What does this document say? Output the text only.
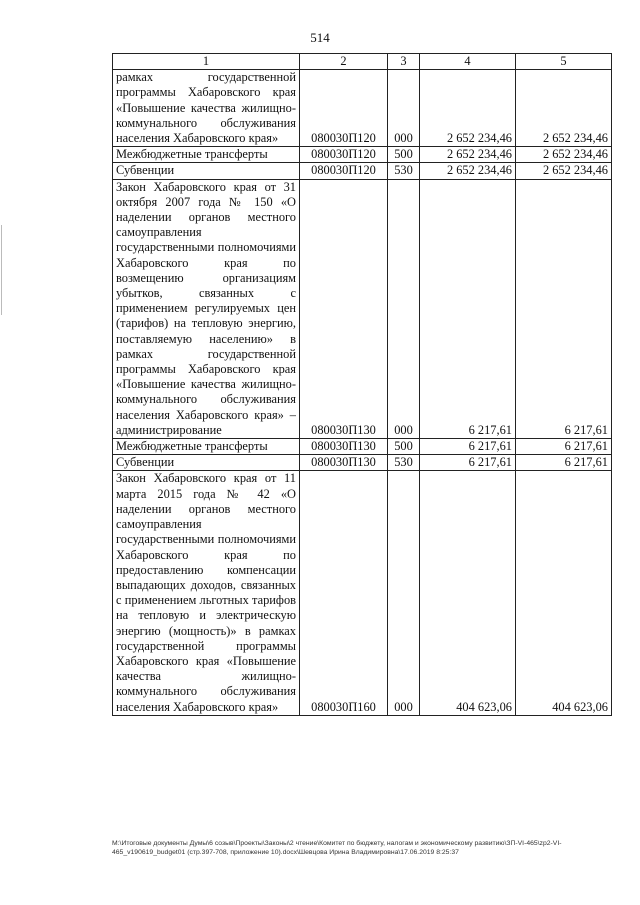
514
1	2	3	4	5
рамках государственной программы Хабаровского края «Повышение качества жилищно-коммунального обслуживания населения Хабаровского края»	080030П120	000	2 652 234,46	2 652 234,46
Межбюджетные трансферты	080030П120	500	2 652 234,46	2 652 234,46
Субвенции	080030П120	530	2 652 234,46	2 652 234,46
Закон Хабаровского края от 31 октября 2007 года № 150 «О наделении органов местного самоуправления государственными полномочиями Хабаровского края по возмещению организациям убытков, связанных с применением регулируемых цен (тарифов) на тепловую энергию, поставляемую населению» в рамках государственной программы Хабаровского края «Повышение качества жилищно-коммунального обслуживания населения Хабаровского края» – администрирование	080030П130	000	6 217,61	6 217,61
Межбюджетные трансферты	080030П130	500	6 217,61	6 217,61
Субвенции	080030П130	530	6 217,61	6 217,61
Закон Хабаровского края от 11 марта 2015 года № 42 «О наделении органов местного самоуправления государственными полномочиями Хабаровского края по предоставлению компенсации выпадающих доходов, связанных с применением льготных тарифов на тепловую и электрическую энергию (мощность)» в рамках государственной программы Хабаровского края «Повышение качества жилищно-коммунального обслуживания населения Хабаровского края»	080030П160	000	404 623,06	404 623,06
М:\Итоговые документы Думы\6 созыв\Проекты\Законы\2 чтение\Комитет по бюджету, налогам и экономическому развитию\ЗП-VI-465\zp2-VI-465_v190619_budget01 (стр.397-708, приложение 10).docx\Шевцова Ирина Владимировна\17.06.2019 8:25:37
